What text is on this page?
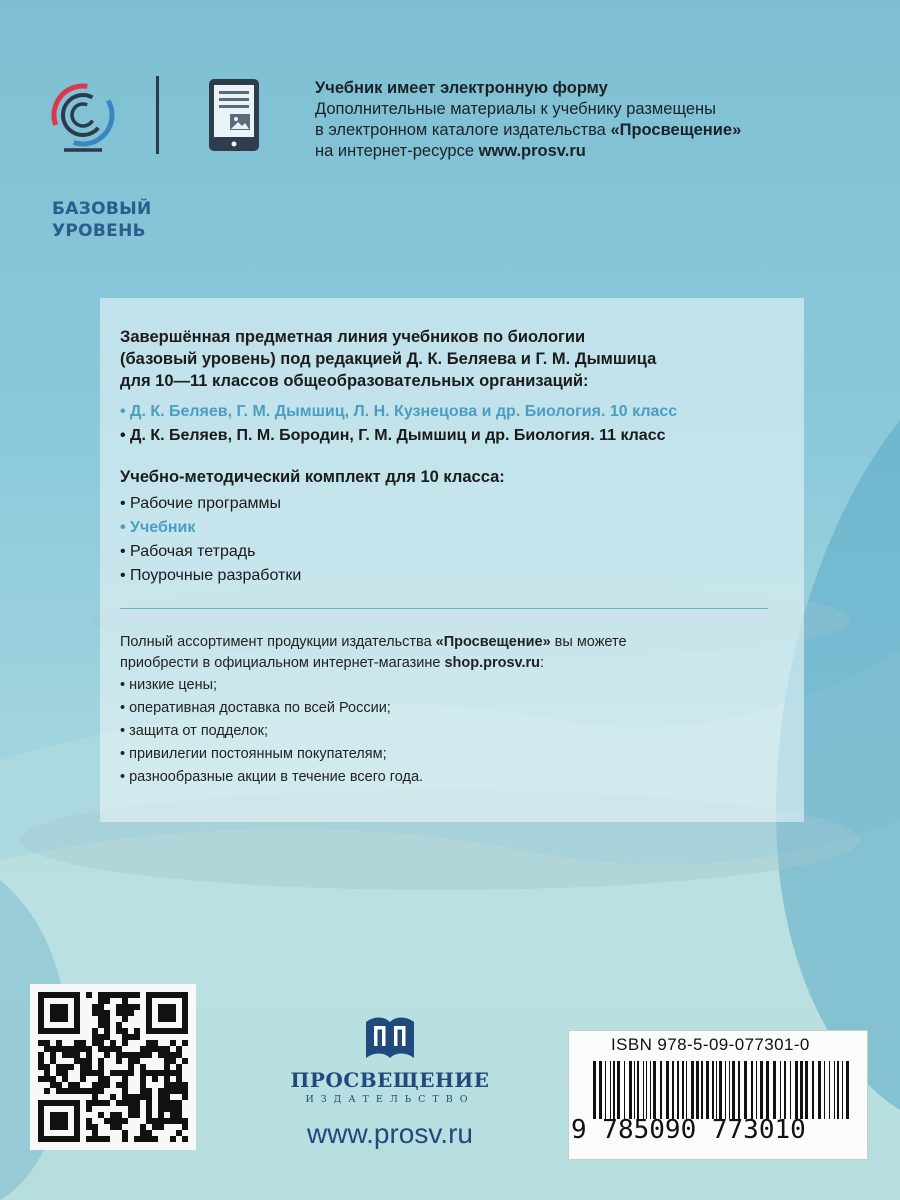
Учебник имеет электронную форму
Дополнительные материалы к учебнику размещены
в электронном каталоге издательства «Просвещение»
на интернет-ресурсе www.prosv.ru
БАЗОВЫЙ
УРОВЕНЬ
Завершённая предметная линия учебников по биологии
(базовый уровень) под редакцией Д. К. Беляева и Г. М. Дымшица
для 10—11 классов общеобразовательных организаций:
• Д. К. Беляев, Г. М. Дымшиц, Л. Н. Кузнецова и др. Биология. 10 класс
• Д. К. Беляев, П. М. Бородин, Г. М. Дымшиц и др. Биология. 11 класс
Учебно-методический комплект для 10 класса:
• Рабочие программы
• Учебник
• Рабочая тетрадь
• Поурочные разработки
Полный ассортимент продукции издательства «Просвещение» вы можете
приобрести в официальном интернет-магазине shop.prosv.ru:
• низкие цены;
• оперативная доставка по всей России;
• защита от подделок;
• привилегии постоянным покупателям;
• разнообразные акции в течение всего года.
ПРОСВЕЩЕНИЕ
ИЗДАТЕЛЬСТВО
www.prosv.ru
ISBN 978-5-09-077301-0
9 785090 773010
